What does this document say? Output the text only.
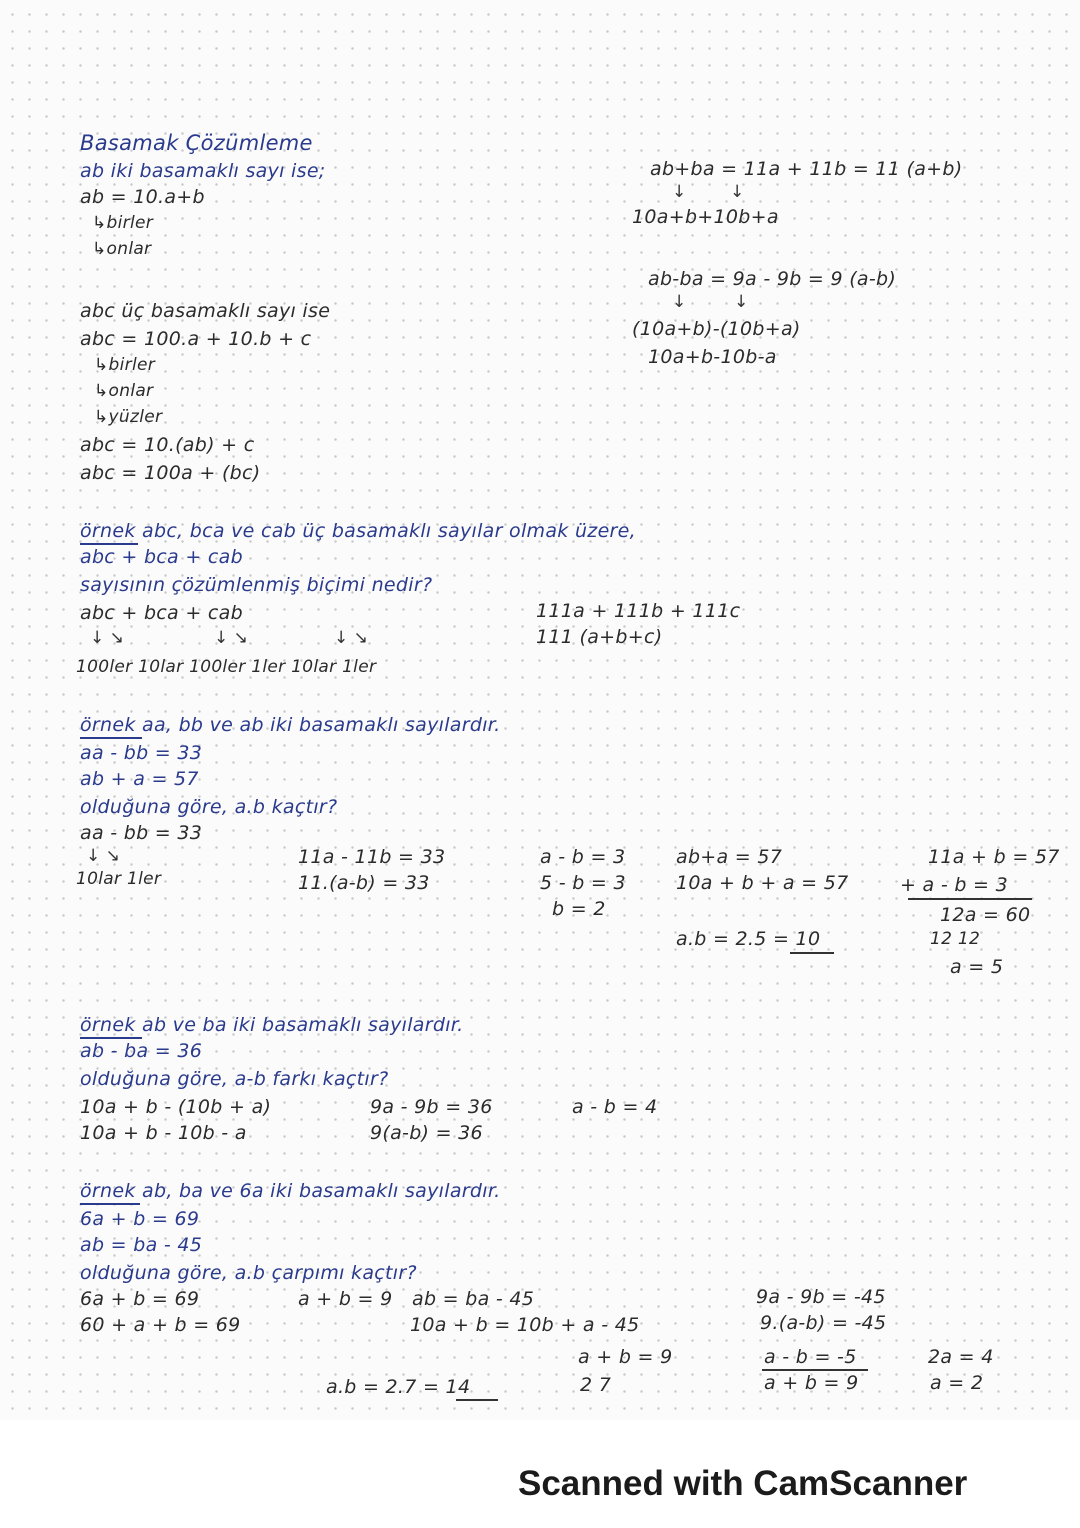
Basamak Çözümleme
ab iki basamaklı sayı ise;
ab = 10.a+b
↳birler
↳onlar
ab+ba = 11a + 11b = 11 (a+b)
↓	↓
10a+b+10b+a
ab-ba = 9a - 9b = 9 (a-b)
↓	↓
(10a+b)-(10b+a)
10a+b-10b-a
abc üç basamaklı sayı ise
abc = 100.a + 10.b + c
↳birler
↳onlar
↳yüzler
abc = 10.(ab) + c
abc = 100a + (bc)
örnek abc, bca ve cab üç basamaklı sayılar olmak üzere,
abc + bca + cab
sayısının çözümlenmiş biçimi nedir?
abc + bca + cab	111a + 111b + 111c
111 (a+b+c)
↓ ↘	↓ ↘	↓ ↘
100ler 10lar 100ler 1ler 10lar 1ler
örnek aa, bb ve ab iki basamaklı sayılardır.
aa - bb = 33
ab + a = 57
olduğuna göre, a.b kaçtır?
aa - bb = 33
↓ ↘
10lar 1ler
11a - 11b = 33
11.(a-b) = 33
a - b = 3
5 - b = 3
b = 2
ab+a = 57
10a + b + a = 57
a.b = 2.5 = 10
11a + b = 57
+ a - b = 3
12a = 60
12 12
a = 5
örnek ab ve ba iki basamaklı sayılardır.
ab - ba = 36
olduğuna göre, a-b farkı kaçtır?
10a + b - (10b + a)
10a + b - 10b - a
9a - 9b = 36
9(a-b) = 36
a - b = 4
örnek ab, ba ve 6a iki basamaklı sayılardır.
6a + b = 69
ab = ba - 45
olduğuna göre, a.b çarpımı kaçtır?
6a + b = 69
60 + a + b = 69
a + b = 9 ab = ba - 45
10a + b = 10b + a - 45
a + b = 9
2 7
a.b = 2.7 = 14
9a - 9b = -45
9.(a-b) = -45
a - b = -5
a + b = 9
2a = 4
a = 2
Scanned with CamScanner
